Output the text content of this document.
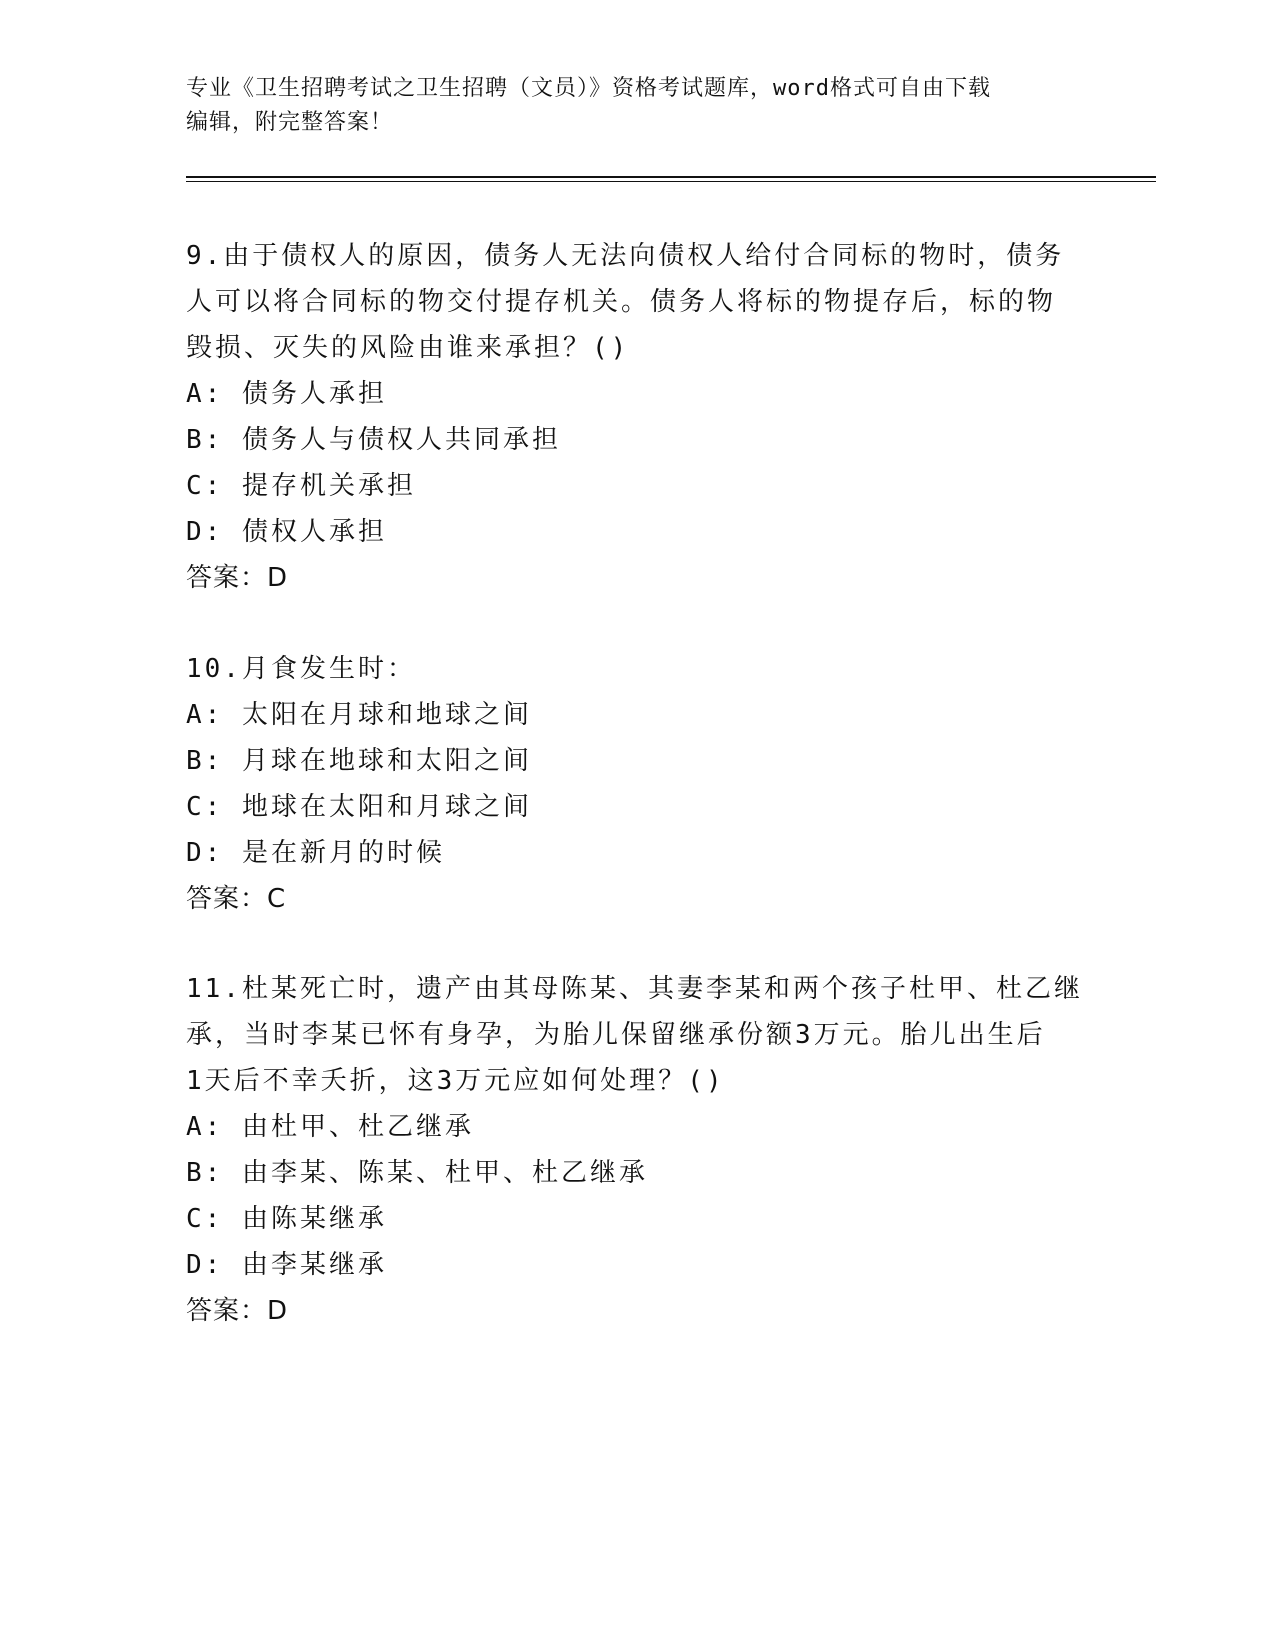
专业《卫生招聘考试之卫生招聘（文员）》资格考试题库，word格式可自由下载
编辑，附完整答案！
9.由于债权人的原因，债务人无法向债权人给付合同标的物时，债务
人可以将合同标的物交付提存机关。债务人将标的物提存后，标的物
毁损、灭失的风险由谁来承担？()
A: 债务人承担
B: 债务人与债权人共同承担
C: 提存机关承担
D: 债权人承担
答案：D
10.月食发生时：
A: 太阳在月球和地球之间
B: 月球在地球和太阳之间
C: 地球在太阳和月球之间
D: 是在新月的时候
答案：C
11.杜某死亡时，遗产由其母陈某、其妻李某和两个孩子杜甲、杜乙继
承，当时李某已怀有身孕，为胎儿保留继承份额3万元。胎儿出生后
1天后不幸夭折，这3万元应如何处理？()
A: 由杜甲、杜乙继承
B: 由李某、陈某、杜甲、杜乙继承
C: 由陈某继承
D: 由李某继承
答案：D
